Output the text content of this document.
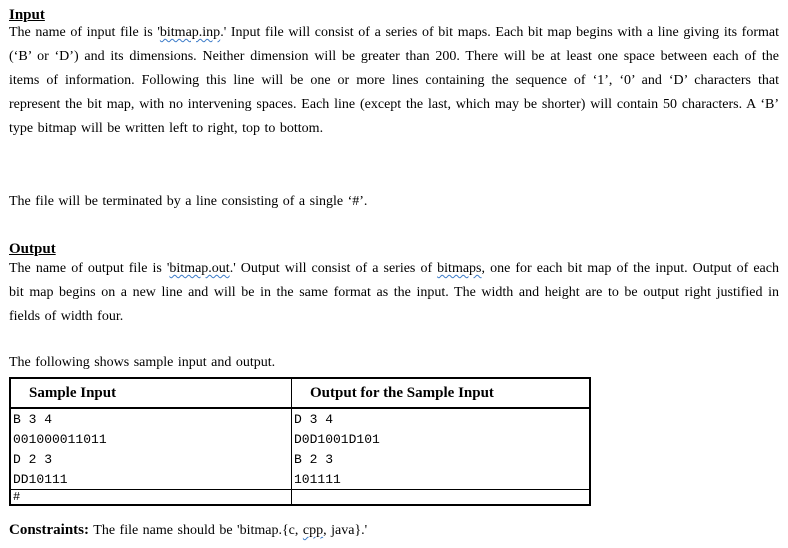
Input
The name of input file is 'bitmap.inp.' Input file will consist of a series of bit maps. Each bit map begins with a line giving its format (‘B’ or ‘D’) and its dimensions. Neither dimension will be greater than 200. There will be at least one space between each of the items of information. Following this line will be one or more lines containing the sequence of ‘1’, ‘0’ and ‘D’ characters that represent the bit map, with no intervening spaces. Each line (except the last, which may be shorter) will contain 50 characters. A ‘B’ type bitmap will be written left to right, top to bottom.
The file will be terminated by a line consisting of a single ‘#’.
Output
The name of output file is 'bitmap.out.' Output will consist of a series of bitmaps, one for each bit map of the input. Output of each bit map begins on a new line and will be in the same format as the input. The width and height are to be output right justified in fields of width four.
The following shows sample input and output.
Sample Input	Output for the Sample Input
B 3 4	D 3 4
001000011011	D0D1001D101
D 2 3	B 2 3
DD10111	101111
#	
Constraints: The file name should be 'bitmap.{c, cpp, java}.'
